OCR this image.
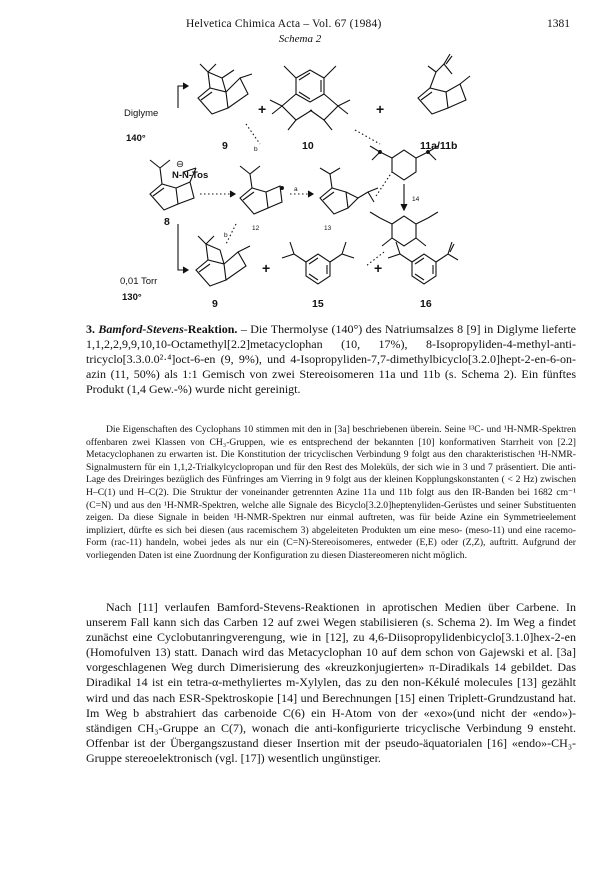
Helvetica Chimica Acta – Vol. 67 (1984)	1381
Schema 2
Diglyme
140°
0,01 Torr
130°
⊖
N-N-Tos
9	10	11a/11b
8
14
12	13
a
b
b
9	15	16
+	+
+	+

3. Bamford-Stevens-Reaktion. – Die Thermolyse (140°) des Natriumsalzes 8 [9] in Diglyme lieferte 1,1,2,2,9,9,10,10-Octamethyl[2.2]metacyclophan (10, 17%), 8-Isopropyliden-4-methyl-anti-tricyclo[3.3.0.0²·⁴]oct-6-en (9, 9%), und 4-Isopropyliden-7,7-dimethylbicyclo[3.2.0]hept-2-en-6-on-azin (11, 50%) als 1:1 Gemisch von zwei Stereoisomeren 11a und 11b (s. Schema 2). Ein fünftes Produkt (1,4 Gew.-%) wurde nicht gereinigt.

Die Eigenschaften des Cyclophans 10 stimmen mit den in [3a] beschriebenen überein. Seine ¹³C- und ¹H-NMR-Spektren offenbaren zwei Klassen von CH₃-Gruppen, wie es entsprechend der bekannten [10] konformativen Starrheit von [2.2] Metacyclophanen zu erwarten ist. Die Konstitution der tricyclischen Verbindung 9 folgt aus den charakteristischen ¹H-NMR-Signalmustern für ein 1,1,2-Trialkylcyclopropan und für den Rest des Moleküls, der sich wie in 3 und 7 präsentiert. Die anti-Lage des Dreiringes bezüglich des Fünfringes am Vierring in 9 folgt aus der kleinen Kopplungskonstanten ( < 2 Hz) zwischen H–C(1) und H–C(2). Die Struktur der voneinander getrennten Azine 11a und 11b folgt aus den IR-Banden bei 1682 cm⁻¹ (C=N) und aus den ¹H-NMR-Spektren, welche alle Signale des Bicyclo[3.2.0]heptenyliden-Gerüstes und seiner Substituenten zeigen. Da diese Signale in beiden ¹H-NMR-Spektren nur einmal auftreten, was für beide Azine ein Symmetrieelement impliziert, dürfte es sich bei diesen (aus racemischem 3) abgeleiteten Produkten um eine meso- (meso-11) und eine racemo-Form (rac-11) handeln, wobei jedes als nur ein (C=N)-Stereoisomeres, entweder (E,E) oder (Z,Z), auftritt. Aufgrund der vorliegenden Daten ist eine Zuordnung der Konfiguration zu diesen Diastereomeren nicht möglich.

Nach [11] verlaufen Bamford-Stevens-Reaktionen in aprotischen Medien über Carbene. In unserem Fall kann sich das Carben 12 auf zwei Wegen stabilisieren (s. Schema 2). Im Weg a findet zunächst eine Cyclobutanringverengung, wie in [12], zu 4,6-Diisopropylidenbicyclo[3.1.0]hex-2-en (Homofulven 13) statt. Danach wird das Metacyclophan 10 auf dem schon von Gajewski et al. [3a] vorgeschlagenen Weg durch Dimerisierung des «kreuzkonjugierten» π-Diradikals 14 gebildet. Das Diradikal 14 ist ein tetra-α-methyliertes m-Xylylen, das zu den non-Kékulé molecules [13] gezählt wird und das nach ESR-Spektroskopie [14] und Berechnungen [15] einen Triplett-Grundzustand hat. Im Weg b abstrahiert das carbenoide C(6) ein H-Atom von der «exo»(und nicht der «endo»)-ständigen CH₃-Gruppe an C(7), wonach die anti-konfigurierte tricyclische Verbindung 9 ensteht. Offenbar ist der Übergangszustand dieser Insertion mit der pseudo-äquatorialen [16] «endo»-CH₃-Gruppe stereoelektronisch (vgl. [17]) wesentlich ungünstiger.
